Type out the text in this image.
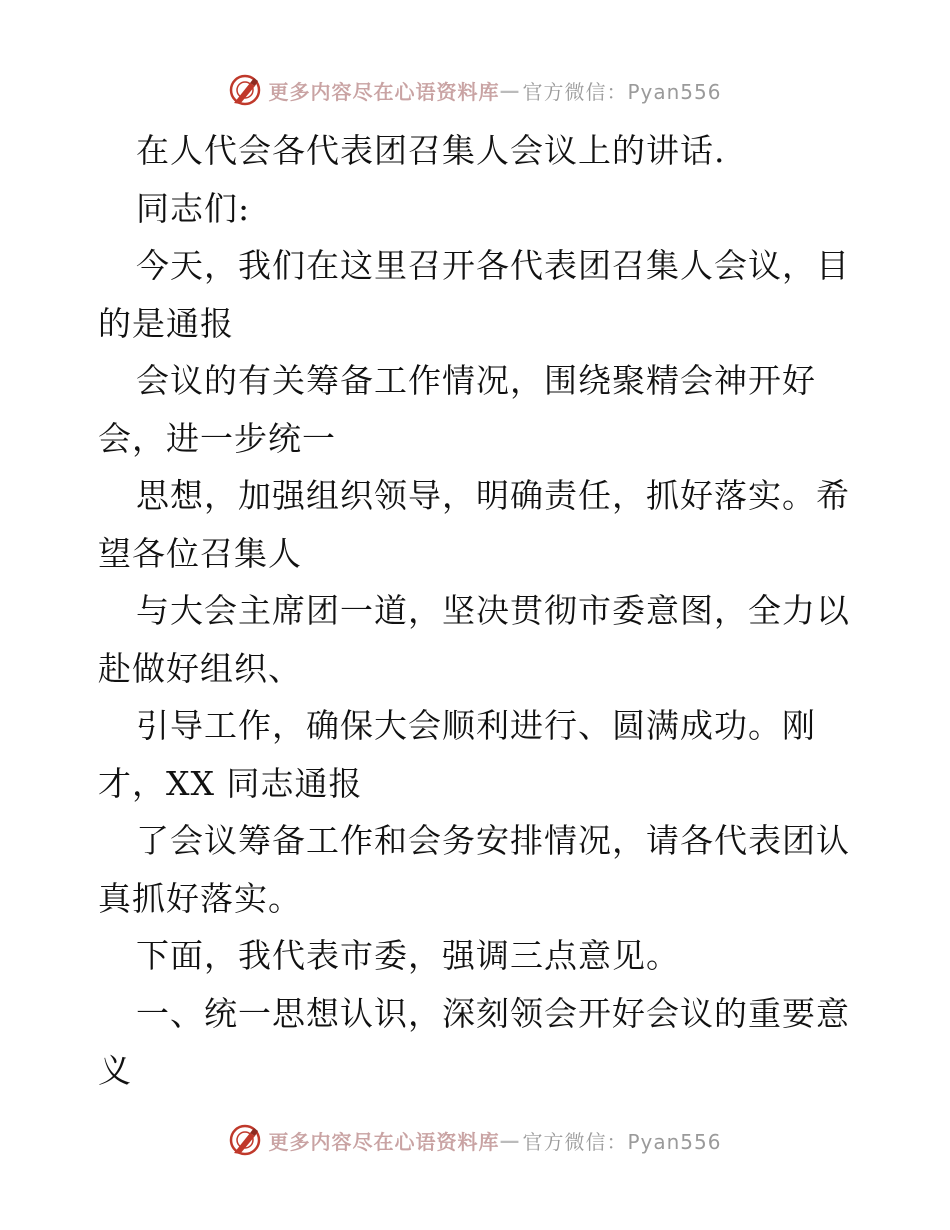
更多内容尽在心语资料库 — 官方微信：Pyan556
在人代会各代表团召集人会议上的讲话.
同志们:
今天，我们在这里召开各代表团召集人会议，目
的是通报
会议的有关筹备工作情况，围绕聚精会神开好
会，进一步统一
思想，加强组织领导，明确责任，抓好落实。希
望各位召集人
与大会主席团一道，坚决贯彻市委意图，全力以
赴做好组织、
引导工作，确保大会顺利进行、圆满成功。刚
才，XX 同志通报
了会议筹备工作和会务安排情况，请各代表团认
真抓好落实。
下面，我代表市委，强调三点意见。
一、统一思想认识，深刻领会开好会议的重要意
义
更多内容尽在心语资料库 — 官方微信：Pyan556
